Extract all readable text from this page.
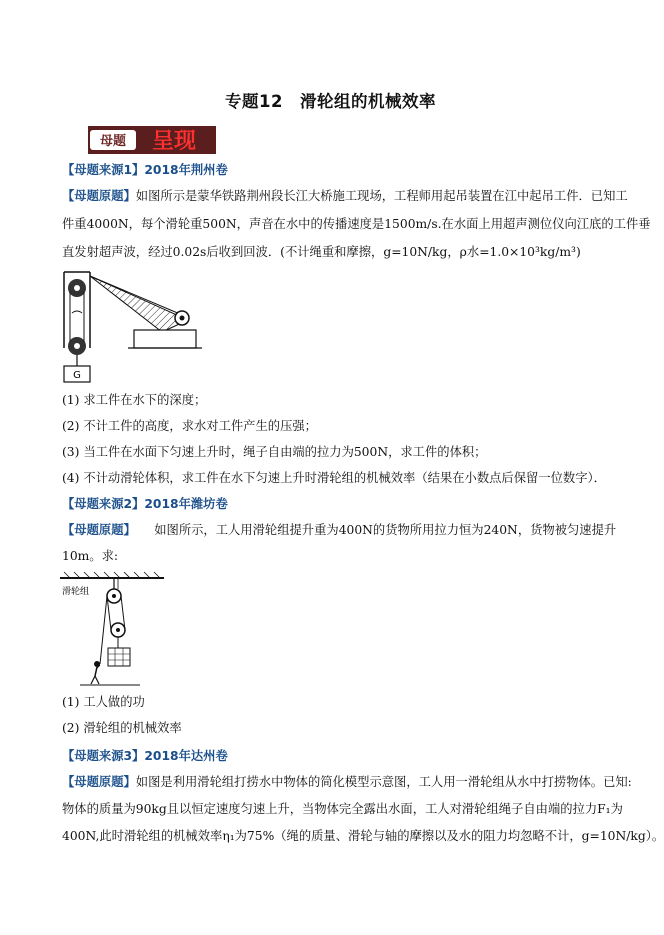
专题12　滑轮组的机械效率
母题 呈现
【母题来源1】2018年荆州卷
【母题原题】如图所示是蒙华铁路荆州段长江大桥施工现场，工程师用起吊装置在江中起吊工件．已知工
件重4000N，每个滑轮重500N，声音在水中的传播速度是1500m/s.在水面上用超声测位仪向江底的工件垂
直发射超声波，经过0.02s后收到回波．(不计绳重和摩擦，g=10N/kg，ρ水=1.0×10³kg/m³)
G
(1) 求工件在水下的深度；
(2) 不计工件的高度，求水对工件产生的压强；
(3) 当工件在水面下匀速上升时，绳子自由端的拉力为500N，求工件的体积；
(4) 不计动滑轮体积，求工件在水下匀速上升时滑轮组的机械效率（结果在小数点后保留一位数字）．
【母题来源2】2018年潍坊卷
【母题原题】　　如图所示，工人用滑轮组提升重为400N的货物所用拉力恒为240N，货物被匀速提升
10m。求:
滑轮组
(1) 工人做的功
(2) 滑轮组的机械效率
【母题来源3】2018年达州卷
【母题原题】如图是利用滑轮组打捞水中物体的简化模型示意图，工人用一滑轮组从水中打捞物体。已知:
物体的质量为90kg且以恒定速度匀速上升，当物体完全露出水面，工人对滑轮组绳子自由端的拉力F₁为
400N,此时滑轮组的机械效率η₁为75%（绳的质量、滑轮与轴的摩擦以及水的阻力均忽略不计，g=10N/kg）。
